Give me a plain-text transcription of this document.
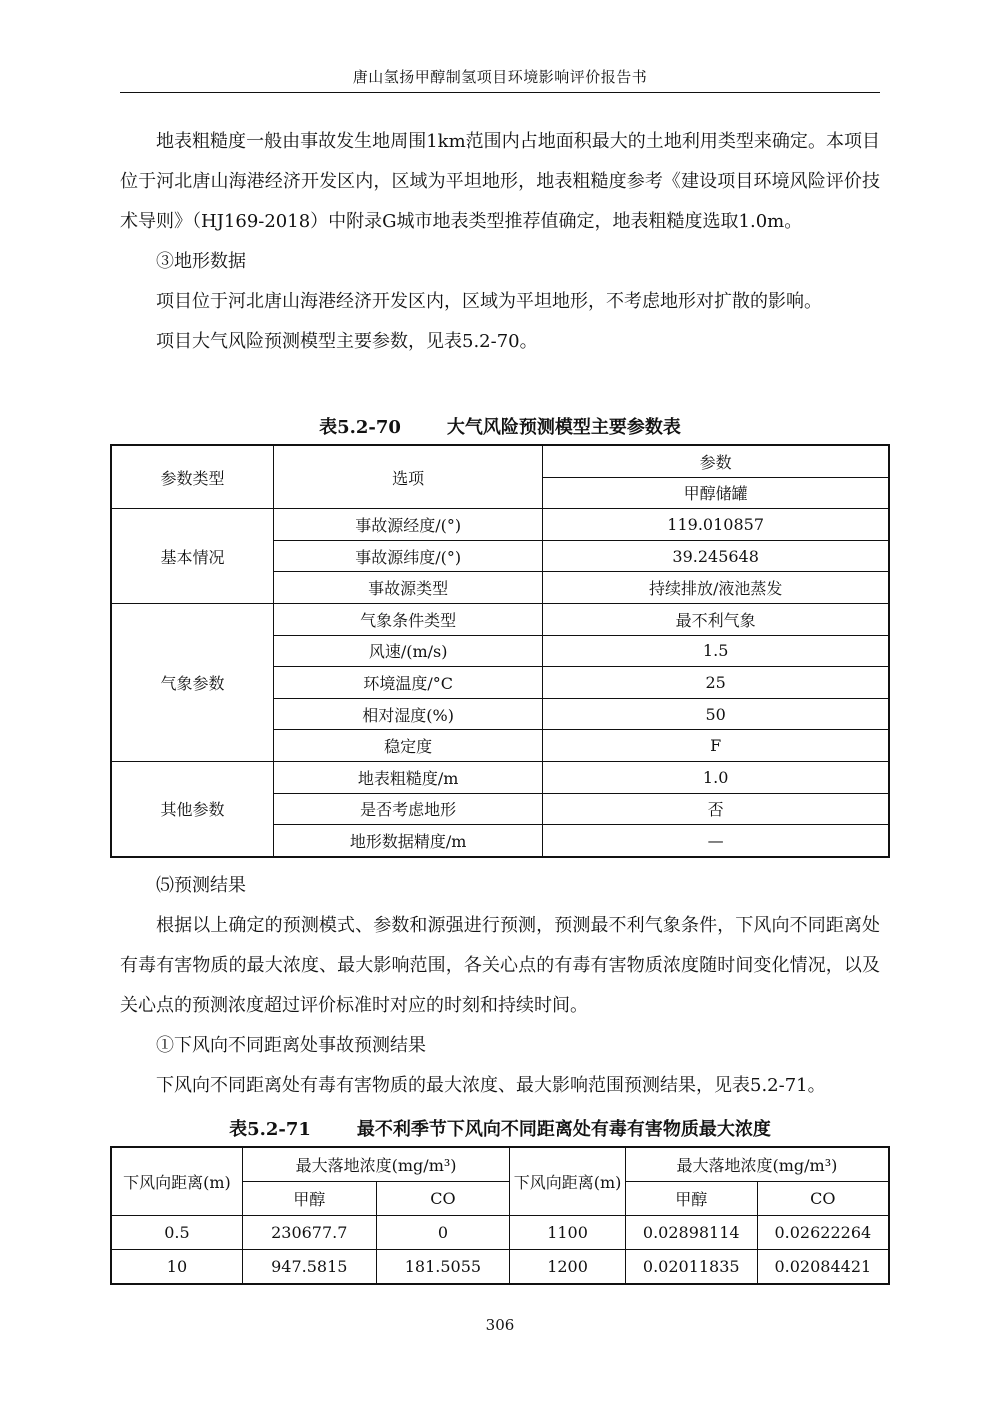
唐山氢扬甲醇制氢项目环境影响评价报告书

地表粗糙度一般由事故发生地周围1km范围内占地面积最大的土地利用类型来确定。本项目位于河北唐山海港经济开发区内，区域为平坦地形，地表粗糙度参考《建设项目环境风险评价技术导则》（HJ169-2018）中附录G城市地表类型推荐值确定，地表粗糙度选取1.0m。

③地形数据

项目位于河北唐山海港经济开发区内，区域为平坦地形，不考虑地形对扩散的影响。

项目大气风险预测模型主要参数，见表5.2-70。

表5.2-70	大气风险预测模型主要参数表
参数类型	选项	参数
		甲醇储罐
基本情况	事故源经度/(°)	119.010857
	事故源纬度/(°)	39.245648
	事故源类型	持续排放/液池蒸发
气象参数	气象条件类型	最不利气象
	风速/(m/s)	1.5
	环境温度/°C	25
	相对湿度(%)	50
	稳定度	F
其他参数	地表粗糙度/m	1.0
	是否考虑地形	否
	地形数据精度/m	—

⑸预测结果

根据以上确定的预测模式、参数和源强进行预测，预测最不利气象条件，下风向不同距离处有毒有害物质的最大浓度、最大影响范围，各关心点的有毒有害物质浓度随时间变化情况，以及关心点的预测浓度超过评价标准时对应的时刻和持续时间。

①下风向不同距离处事故预测结果

下风向不同距离处有毒有害物质的最大浓度、最大影响范围预测结果，见表5.2-71。

表5.2-71	最不利季节下风向不同距离处有毒有害物质最大浓度
下风向距离(m)	最大落地浓度(mg/m³)		下风向距离(m)	最大落地浓度(mg/m³)	
	甲醇	CO		甲醇	CO
0.5	230677.7	0	1100	0.02898114	0.02622264
10	947.5815	181.5055	1200	0.02011835	0.02084421
306
